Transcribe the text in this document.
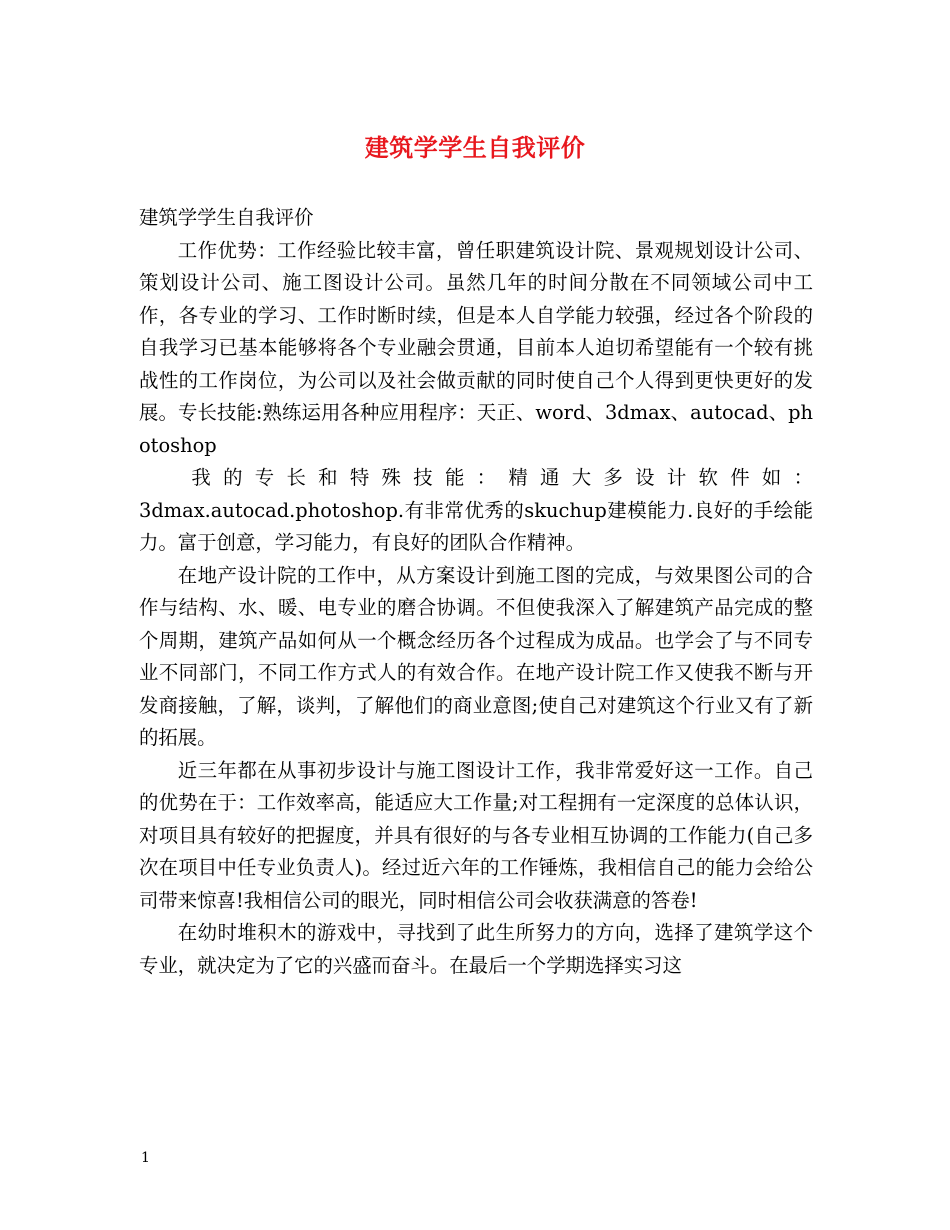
建筑学学生自我评价

建筑学学生自我评价

工作优势：工作经验比较丰富，曾任职建筑设计院、景观规划设计公司、策划设计公司、施工图设计公司。虽然几年的时间分散在不同领域公司中工作，各专业的学习、工作时断时续，但是本人自学能力较强，经过各个阶段的自我学习已基本能够将各个专业融会贯通，目前本人迫切希望能有一个较有挑战性的工作岗位，为公司以及社会做贡献的同时使自己个人得到更快更好的发展。专长技能:熟练运用各种应用程序：天正、word、3dmax、autocad、photoshop

我的专长和特殊技能：精通大多设计软件如：

3dmax.autocad.photoshop.有非常优秀的skuchup建模能力.良好的手绘能力。富于创意，学习能力，有良好的团队合作精神。

在地产设计院的工作中，从方案设计到施工图的完成，与效果图公司的合作与结构、水、暖、电专业的磨合协调。不但使我深入了解建筑产品完成的整个周期，建筑产品如何从一个概念经历各个过程成为成品。也学会了与不同专业不同部门，不同工作方式人的有效合作。在地产设计院工作又使我不断与开发商接触，了解，谈判，了解他们的商业意图;使自己对建筑这个行业又有了新的拓展。

近三年都在从事初步设计与施工图设计工作，我非常爱好这一工作。自己的优势在于：工作效率高，能适应大工作量;对工程拥有一定深度的总体认识，对项目具有较好的把握度，并具有很好的与各专业相互协调的工作能力(自己多次在项目中任专业负责人)。经过近六年的工作锤炼，我相信自己的能力会给公司带来惊喜!我相信公司的眼光，同时相信公司会收获满意的答卷!

在幼时堆积木的游戏中，寻找到了此生所努力的方向，选择了建筑学这个专业，就决定为了它的兴盛而奋斗。在最后一个学期选择实习这

1
